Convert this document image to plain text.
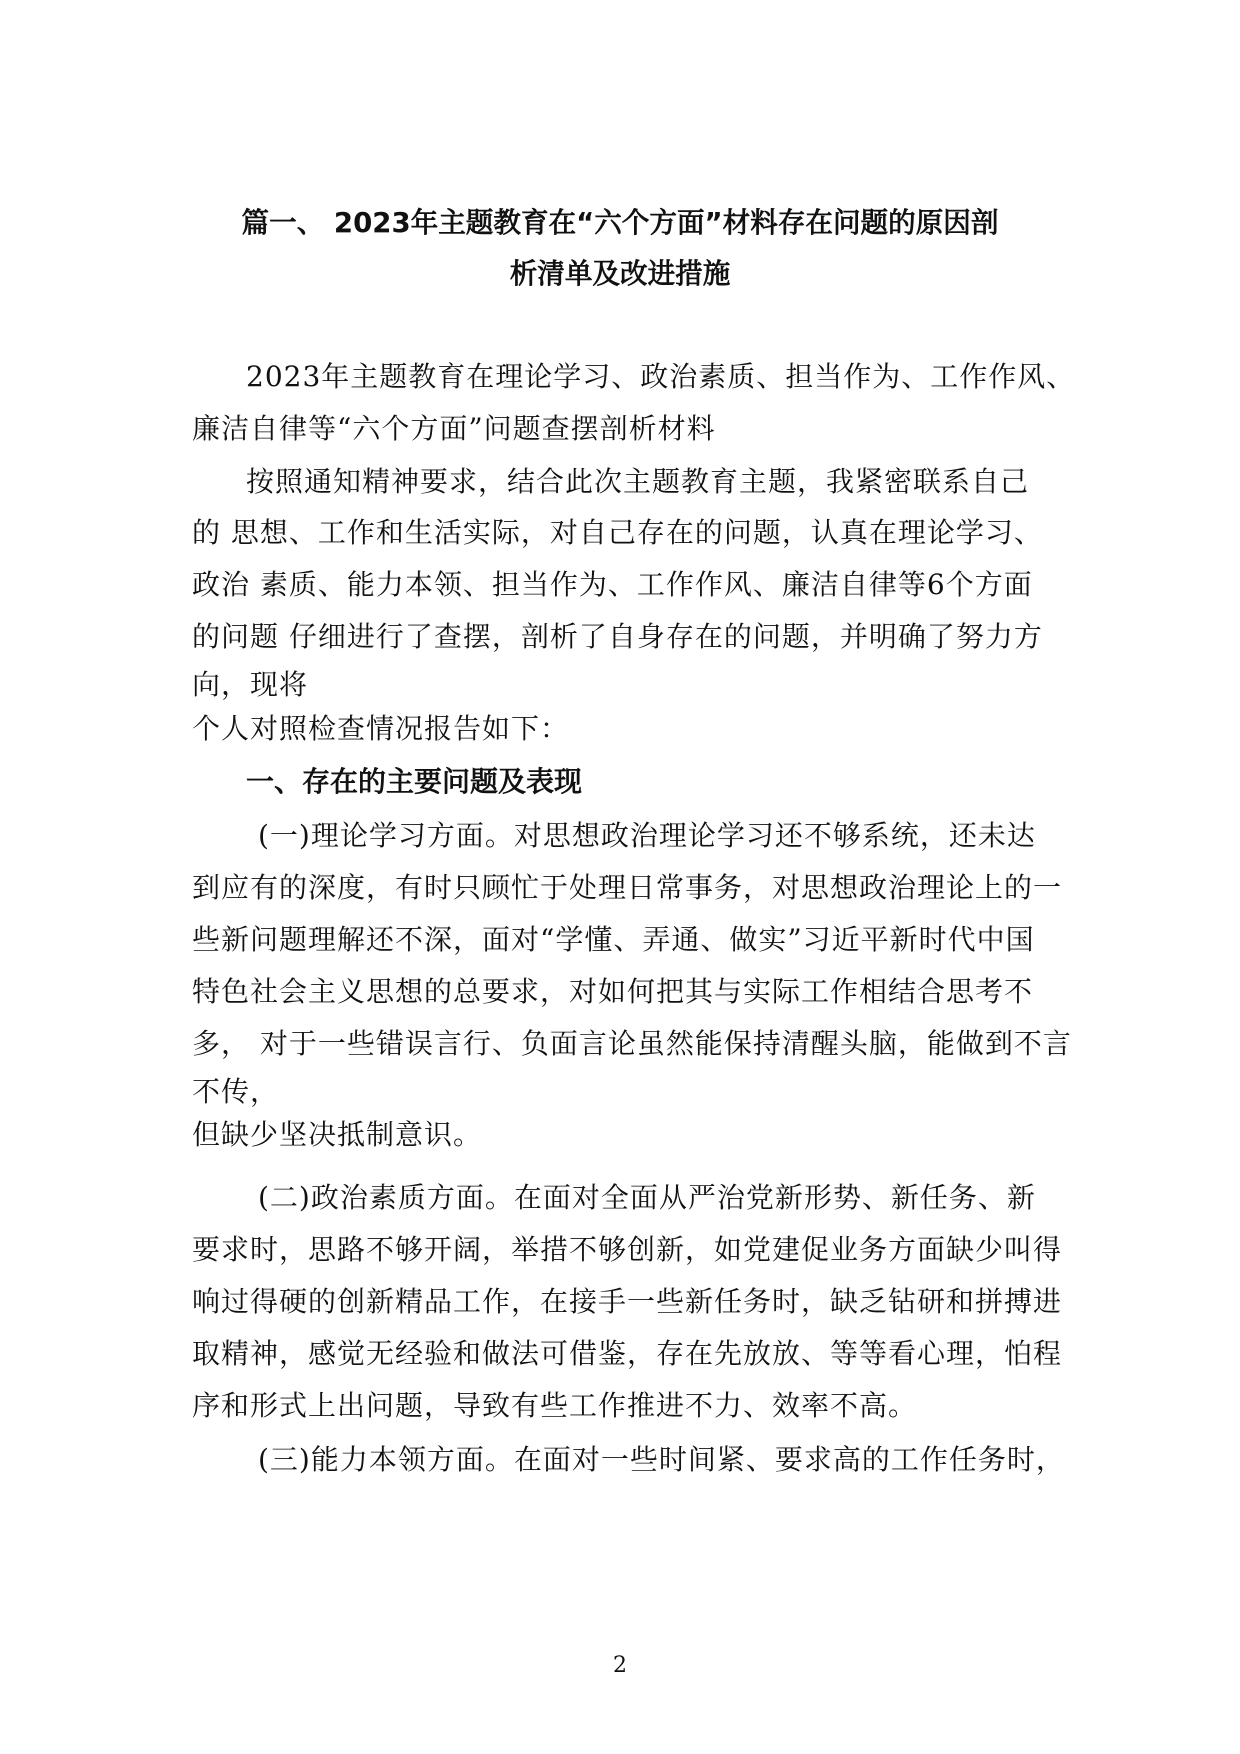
篇一、 2023年主题教育在“六个方面”材料存在问题的原因剖
析清单及改进措施
2023年主题教育在理论学习、政治素质、担当作为、工作作风、
廉洁自律等“六个方面”问题查摆剖析材料
按照通知精神要求，结合此次主题教育主题，我紧密联系自己
的 思想、工作和生活实际，对自己存在的问题，认真在理论学习、
政治 素质、能力本领、担当作为、工作作风、廉洁自律等6个方面
的问题 仔细进行了查摆，剖析了自身存在的问题，并明确了努力方
向，现将
个人对照检查情况报告如下：
一、存在的主要问题及表现
(一)理论学习方面。对思想政治理论学习还不够系统，还未达
到应有的深度，有时只顾忙于处理日常事务，对思想政治理论上的一
些新问题理解还不深，面对“学懂、弄通、做实”习近平新时代中国
特色社会主义思想的总要求，对如何把其与实际工作相结合思考不
多， 对于一些错误言行、负面言论虽然能保持清醒头脑，能做到不言
不传，
但缺少坚决抵制意识。
(二)政治素质方面。在面对全面从严治党新形势、新任务、新
要求时，思路不够开阔，举措不够创新，如党建促业务方面缺少叫得
响过得硬的创新精品工作，在接手一些新任务时，缺乏钻研和拼搏进
取精神，感觉无经验和做法可借鉴，存在先放放、等等看心理，怕程
序和形式上出问题，导致有些工作推进不力、效率不高。
(三)能力本领方面。在面对一些时间紧、要求高的工作任务时，
2
